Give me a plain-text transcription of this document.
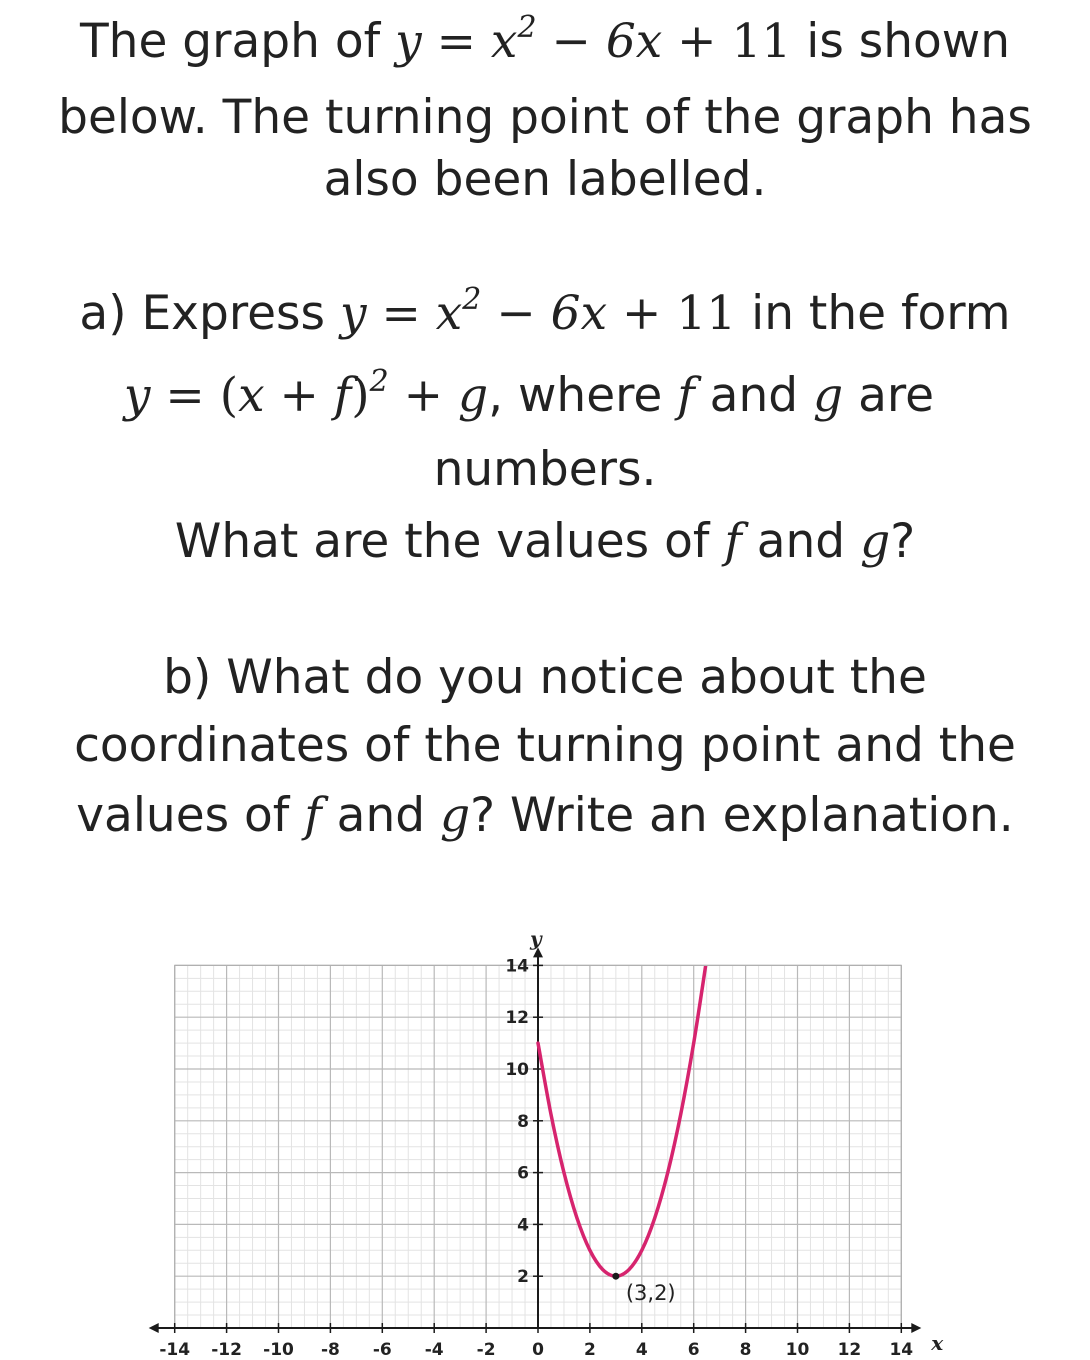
The graph of $y = x^2 - 6x + 11$ is shown
below. The turning point of the graph has
also been labelled.
a) Express $y = x^2 - 6x + 11$ in the form
$y = (x + f)^2 + g$, where f and g are
numbers.
What are the values of f and g?
b) What do you notice about the
coordinates of the turning point and the
values of f and g? Write an explanation.
-14 -12 -10 -8 -6 -4 -2 0 2 4 6 8 10 12 14
2
4
6
8
10
12
14
x
y
(3,2)
